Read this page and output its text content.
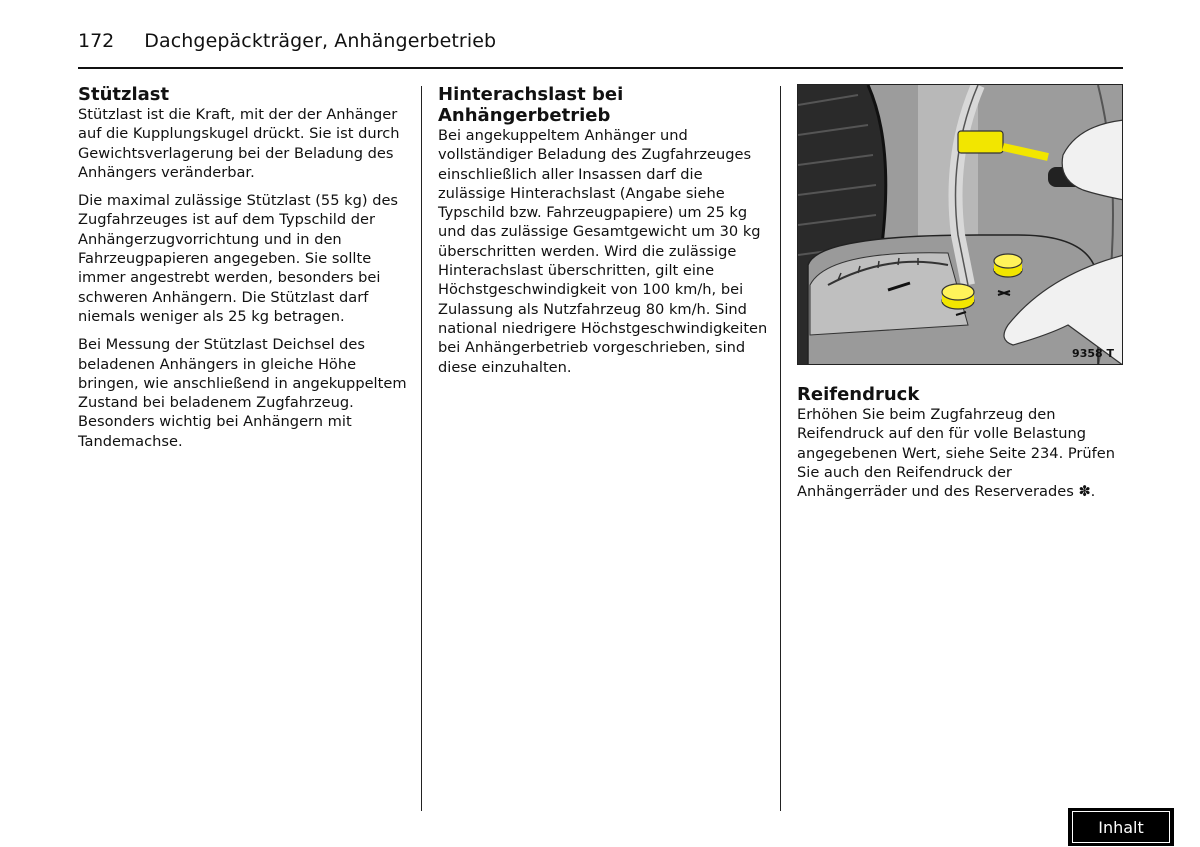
172 Dachgepäckträger, Anhängerbetrieb
Stützlast

Stützlast ist die Kraft, mit der der Anhänger auf die Kupplungskugel drückt. Sie ist durch Gewichtsverlagerung bei der Beladung des Anhängers veränderbar.

Die maximal zulässige Stützlast (55 kg) des Zugfahrzeuges ist auf dem Typschild der Anhängerzugvorrichtung und in den Fahrzeugpapieren angegeben. Sie sollte immer angestrebt werden, besonders bei schweren Anhängern. Die Stützlast darf niemals weniger als 25 kg betragen.

Bei Messung der Stützlast Deichsel des beladenen Anhängers in gleiche Höhe bringen, wie anschließend in angekuppeltem Zustand bei beladenem Zugfahrzeug. Besonders wichtig bei Anhängern mit Tandemachse.

Hinterachslast bei Anhängerbetrieb

Bei angekuppeltem Anhänger und vollständiger Beladung des Zugfahrzeuges einschließlich aller Insassen darf die zulässige Hinterachslast (Angabe siehe Typschild bzw. Fahrzeugpapiere) um 25 kg und das zulässige Gesamtgewicht um 30 kg überschritten werden. Wird die zulässige Hinterachslast überschritten, gilt eine Höchstgeschwindigkeit von 100 km/h, bei Zulassung als Nutzfahrzeug 80 km/h. Sind national niedrigere Höchstgeschwindigkeiten bei Anhängerbetrieb vorgeschrieben, sind diese einzuhalten.

9358 T
Reifendruck

Erhöhen Sie beim Zugfahrzeug den Reifendruck auf den für volle Belastung angegebenen Wert, siehe Seite 234. Prüfen Sie auch den Reifendruck der Anhängerräder und des Reserverades ✽.

Inhalt
